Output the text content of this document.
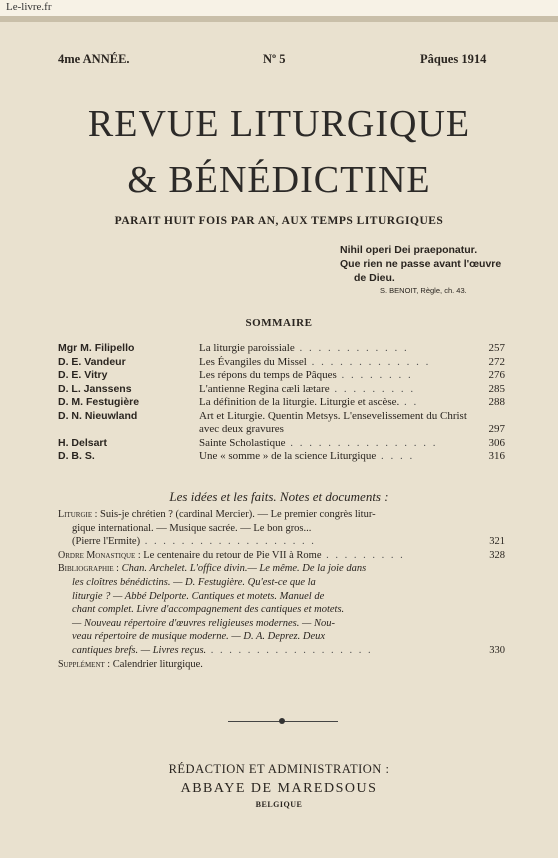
Le-livre.fr
4me ANNÉE.	Nº 5	Pâques 1914
REVUE LITURGIQUE
& BÉNÉDICTINE
PARAIT HUIT FOIS PAR AN, AUX TEMPS LITURGIQUES
Nihil operi Dei praeponatur.
Que rien ne passe avant l'œuvre
de Dieu.
S. BENOIT, Règle, ch. 43.
SOMMAIRE
Mgr M. Filipello	La liturgie paroissiale . . . . . . . . . . . .	257
D. E. Vandeur	Les Évangiles du Missel . . . . . . . . . . . . .	272
D. E. Vitry	Les répons du temps de Pâques . . . . . . . .	276
D. L. Janssens	L'antienne Regina cæli lætare . . . . . . . . .	285
D. M. Festugière	La définition de la liturgie. Liturgie et ascèse. . .	288
D. N. Nieuwland	Art et Liturgie. Quentin Metsys. L'ensevelissement du Christ avec deux gravures	297
H. Delsart	Sainte Scholastique . . . . . . . . . . . . . . . .	306
D. B. S.	Une « somme » de la science Liturgique . . . .	316
Les idées et les faits. Notes et documents :
Liturgie : Suis-je chrétien ? (cardinal Mercier). — Le premier congrès litur-
gique international. — Musique sacrée. — Le bon gros...
(Pierre l'Ermite) . . . . . . . . . . . . . . . . . . .	321
Ordre Monastique : Le centenaire du retour de Pie VII à Rome . . . . . . . . .	328
Bibliographie : Chan. Archelet. L'office divin.— Le même. De la joie dans
les cloîtres bénédictins. — D. Festugière. Qu'est-ce que la
liturgie ? — Abbé Delporte. Cantiques et motets. Manuel de
chant complet. Livre d'accompagnement des cantiques et motets.
— Nouveau répertoire d'œuvres religieuses modernes. — Nou-
veau répertoire de musique moderne. — D. A. Deprez. Deux
cantiques brefs. — Livres reçus. . . . . . . . . . . . . . . . . . .	330
Supplément : Calendrier liturgique.
RÉDACTION ET ADMINISTRATION :
ABBAYE DE MAREDSOUS
BELGIQUE
